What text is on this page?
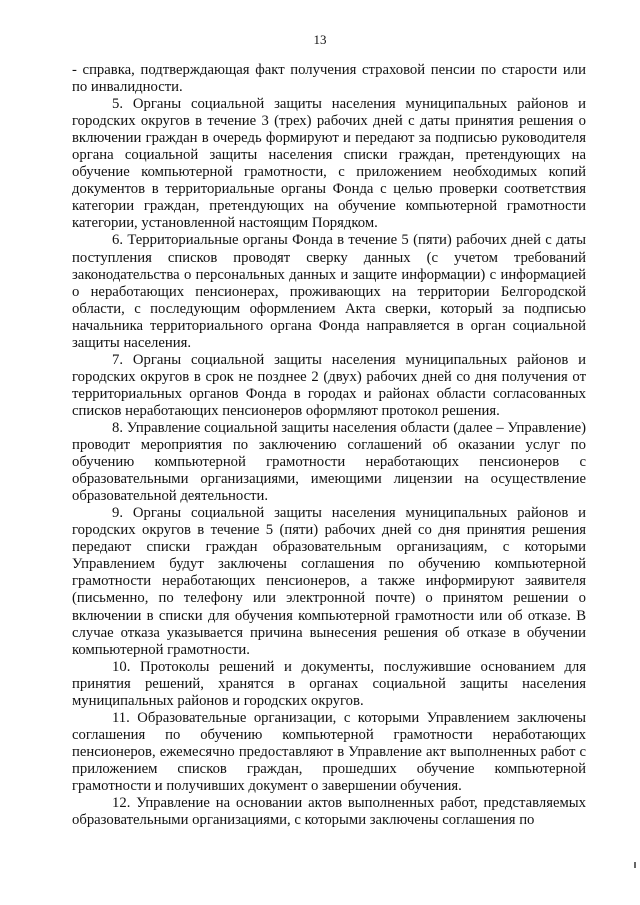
13

- справка, подтверждающая факт получения страховой пенсии по старости или по инвалидности.

5. Органы социальной защиты населения муниципальных районов и городских округов в течение 3 (трех) рабочих дней с даты принятия решения о включении граждан в очередь формируют и передают за подписью руководителя органа социальной защиты населения списки граждан, претендующих на обучение компьютерной грамотности, с приложением необходимых копий документов в территориальные органы Фонда с целью проверки соответствия категории граждан, претендующих на обучение компьютерной грамотности категории, установленной настоящим Порядком.

6. Территориальные органы Фонда в течение 5 (пяти) рабочих дней с даты поступления списков проводят сверку данных (с учетом требований законодательства о персональных данных и защите информации) с информацией о неработающих пенсионерах, проживающих на территории Белгородской области, с последующим оформлением Акта сверки, который за подписью начальника территориального органа Фонда направляется в орган социальной защиты населения.

7. Органы социальной защиты населения муниципальных районов и городских округов в срок не позднее 2 (двух) рабочих дней со дня получения от территориальных органов Фонда в городах и районах области согласованных списков неработающих пенсионеров оформляют протокол решения.

8. Управление социальной защиты населения области (далее – Управление) проводит мероприятия по заключению соглашений об оказании услуг по обучению компьютерной грамотности неработающих пенсионеров с образовательными организациями, имеющими лицензии на осуществление образовательной деятельности.

9. Органы социальной защиты населения муниципальных районов и городских округов в течение 5 (пяти) рабочих дней со дня принятия решения передают списки граждан образовательным организациям, с которыми Управлением будут заключены соглашения по обучению компьютерной грамотности неработающих пенсионеров, а также информируют заявителя (письменно, по телефону или электронной почте) о принятом решении о включении в списки для обучения компьютерной грамотности или об отказе. В случае отказа указывается причина вынесения решения об отказе в обучении компьютерной грамотности.

10. Протоколы решений и документы, послужившие основанием для принятия решений, хранятся в органах социальной защиты населения муниципальных районов и городских округов.

11. Образовательные организации, с которыми Управлением заключены соглашения по обучению компьютерной грамотности неработающих пенсионеров, ежемесячно предоставляют в Управление акт выполненных работ с приложением списков граждан, прошедших обучение компьютерной грамотности и получивших документ о завершении обучения.

12. Управление на основании актов выполненных работ, представляемых образовательными организациями, с которыми заключены соглашения по
